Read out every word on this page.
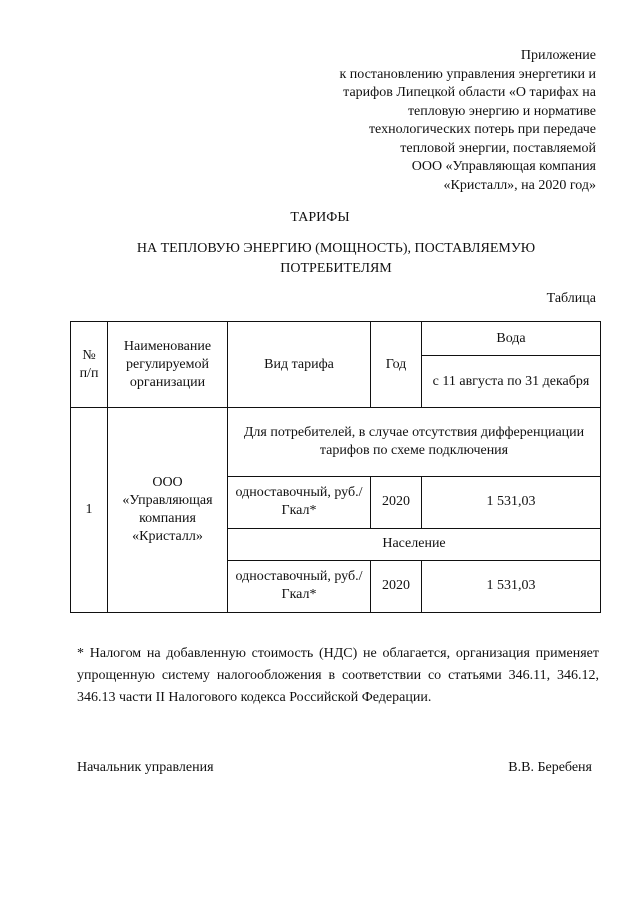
Приложение
к постановлению управления энергетики и
тарифов Липецкой области «О тарифах на
тепловую энергию и нормативе
технологических потерь при передаче
тепловой энергии, поставляемой
ООО «Управляющая компания
«Кристалл», на 2020 год»
ТАРИФЫ
НА ТЕПЛОВУЮ ЭНЕРГИЮ (МОЩНОСТЬ), ПОСТАВЛЯЕМУЮ ПОТРЕБИТЕЛЯМ
Таблица
№ п/п	Наименование регулируемой организации	Вид тарифа	Год	Вода
				с 11 августа по 31 декабря
1	ООО «Управляющая компания «Кристалл»	Для потребителей, в случае отсутствия дифференциации тарифов по схеме подключения		
		одноставочный, руб./Гкал*	2020	1 531,03
		Население		
		одноставочный, руб./Гкал*	2020	1 531,03
* Налогом на добавленную стоимость (НДС) не облагается, организация применяет упрощенную систему налогообложения в соответствии со статьями 346.11, 346.12, 346.13 части II Налогового кодекса Российской Федерации.
Начальник управления	В.В. Беребеня
